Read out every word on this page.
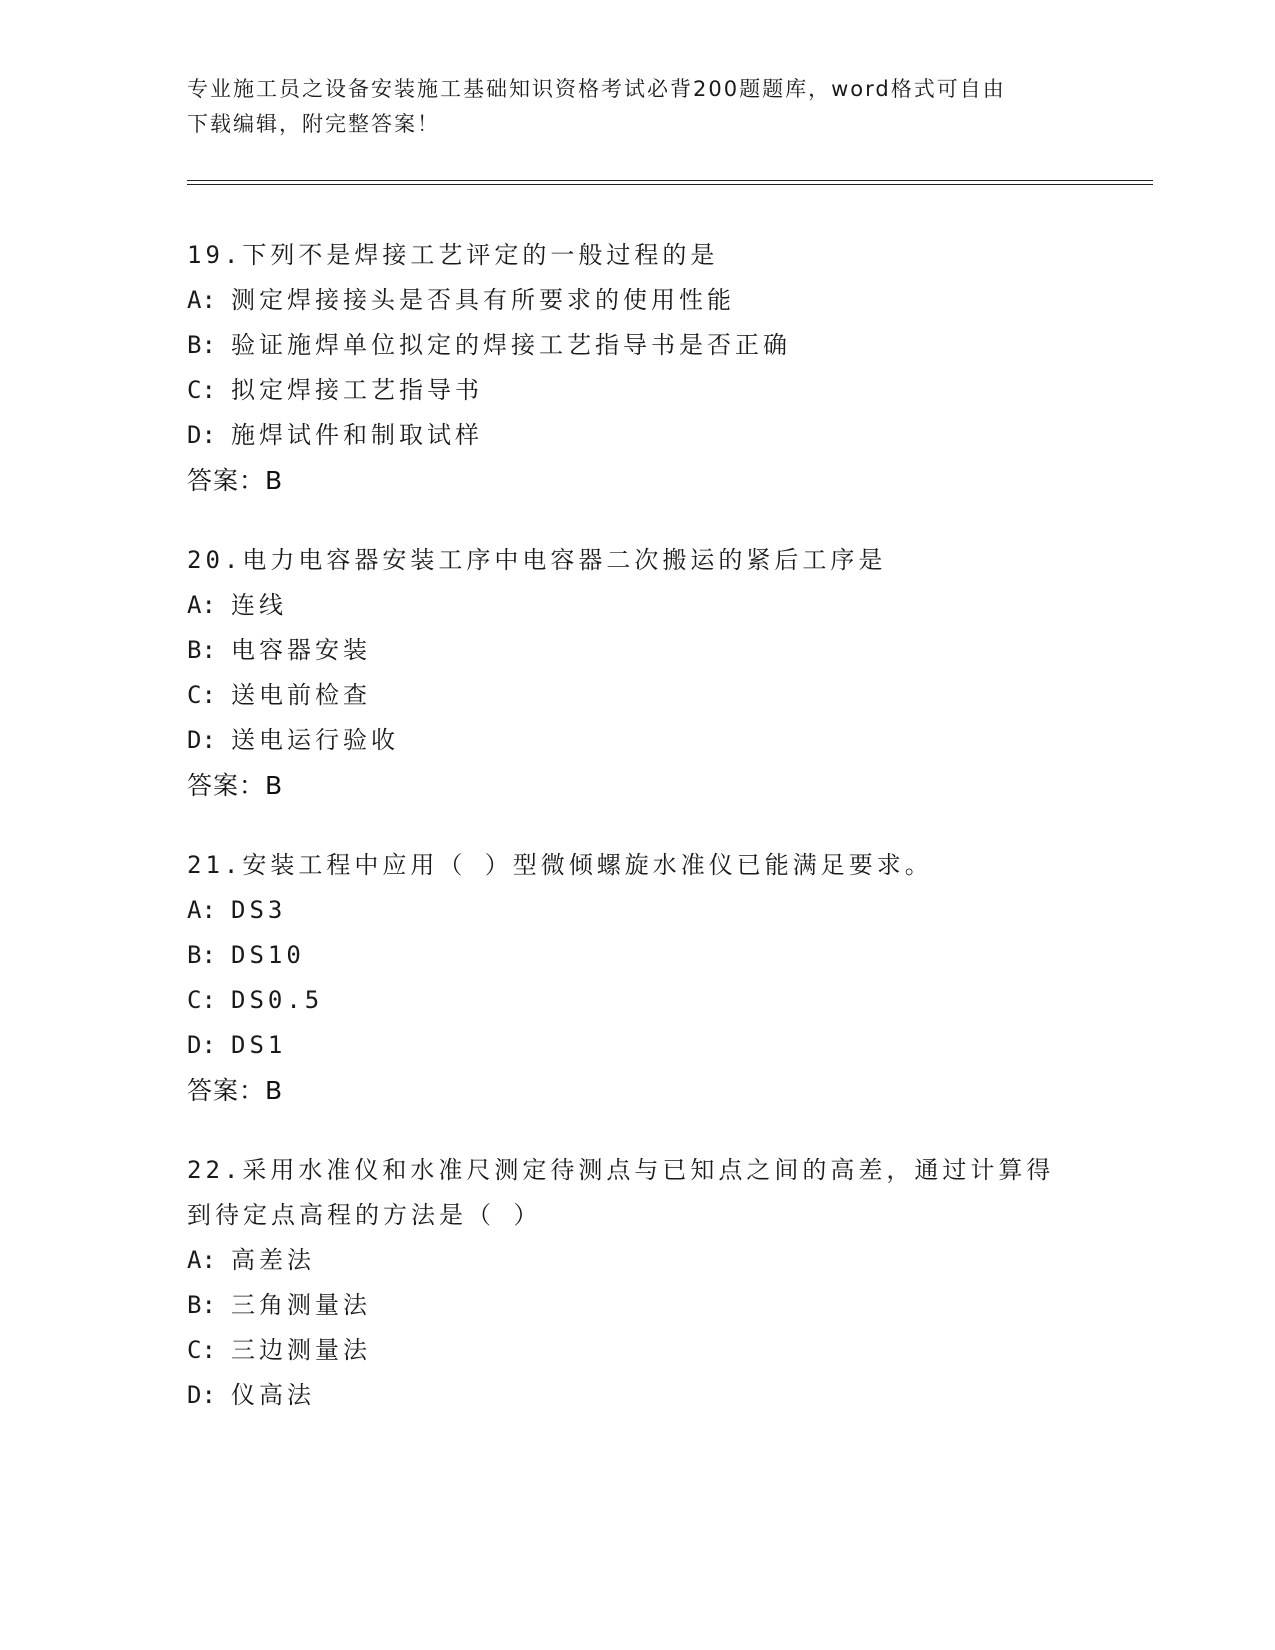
专业施工员之设备安装施工基础知识资格考试必背200题题库，word格式可自由
下载编辑，附完整答案！
19.下列不是焊接工艺评定的一般过程的是
A: 测定焊接接头是否具有所要求的使用性能
B: 验证施焊单位拟定的焊接工艺指导书是否正确
C: 拟定焊接工艺指导书
D: 施焊试件和制取试样
答案：B
20.电力电容器安装工序中电容器二次搬运的紧后工序是
A: 连线
B: 电容器安装
C: 送电前检查
D: 送电运行验收
答案：B
21.安装工程中应用（ ）型微倾螺旋水准仪已能满足要求。
A: DS3
B: DS10
C: DS0.5
D: DS1
答案：B
22.采用水准仪和水准尺测定待测点与已知点之间的高差，通过计算得
到待定点高程的方法是（ ）
A: 高差法
B: 三角测量法
C: 三边测量法
D: 仪高法
